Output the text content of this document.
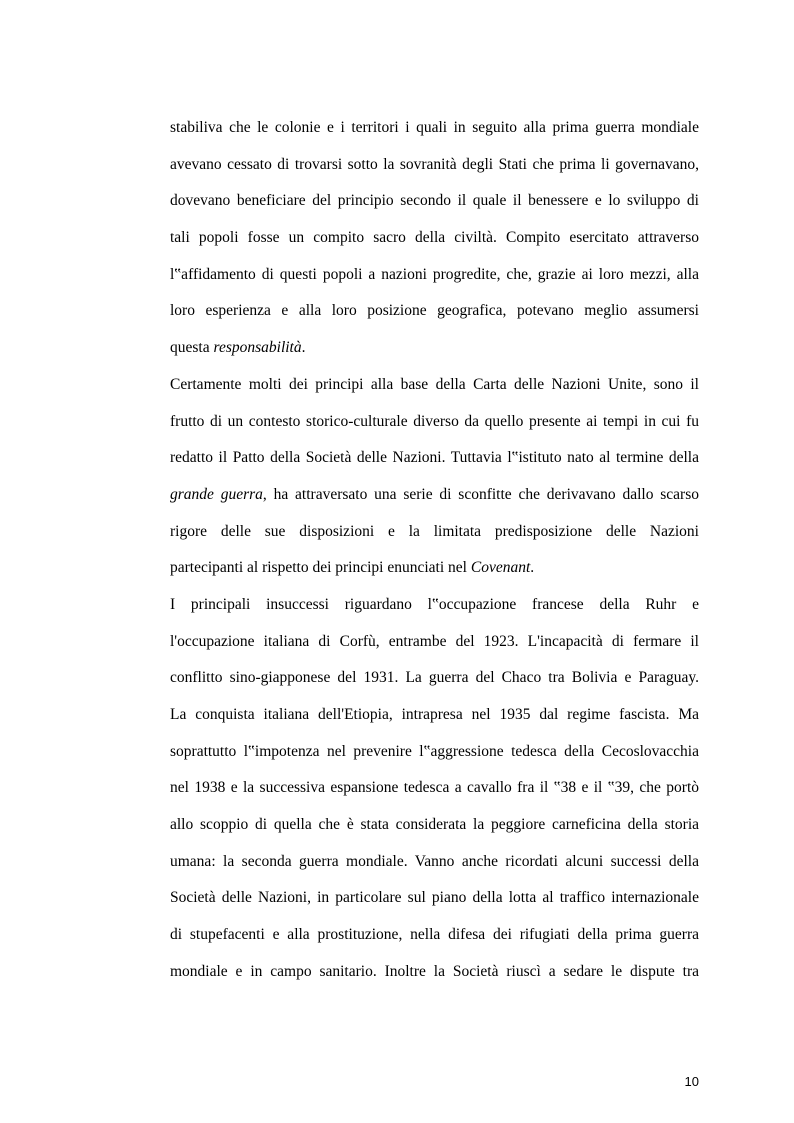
stabiliva che le colonie e i territori i quali in seguito alla prima guerra mondiale
avevano cessato di trovarsi sotto la sovranità degli Stati che prima li governavano,
dovevano beneficiare del principio secondo il quale il benessere e lo sviluppo di
tali popoli fosse un compito sacro della civiltà. Compito esercitato attraverso
l‟affidamento di questi popoli a nazioni progredite, che, grazie ai loro mezzi, alla
loro esperienza e alla loro posizione geografica, potevano meglio assumersi
questa responsabilità.
Certamente molti dei principi alla base della Carta delle Nazioni Unite, sono il
frutto di un contesto storico-culturale diverso da quello presente ai tempi in cui fu
redatto il Patto della Società delle Nazioni. Tuttavia l‟istituto nato al termine della
grande guerra, ha attraversato una serie di sconfitte che derivavano dallo scarso
rigore delle sue disposizioni e la limitata predisposizione delle Nazioni
partecipanti al rispetto dei principi enunciati nel Covenant.
I principali insuccessi riguardano l‟occupazione francese della Ruhr e
l'occupazione italiana di Corfù, entrambe del 1923. L'incapacità di fermare il
conflitto sino-giapponese del 1931. La guerra del Chaco tra Bolivia e Paraguay.
La conquista italiana dell'Etiopia, intrapresa nel 1935 dal regime fascista. Ma
soprattutto l‟impotenza nel prevenire l‟aggressione tedesca della Cecoslovacchia
nel 1938 e la successiva espansione tedesca a cavallo fra il ‟38 e il ‟39, che portò
allo scoppio di quella che è stata considerata la peggiore carneficina della storia
umana: la seconda guerra mondiale. Vanno anche ricordati alcuni successi della
Società delle Nazioni, in particolare sul piano della lotta al traffico internazionale
di stupefacenti e alla prostituzione, nella difesa dei rifugiati della prima guerra
mondiale e in campo sanitario. Inoltre la Società riuscì a sedare le dispute tra
10
